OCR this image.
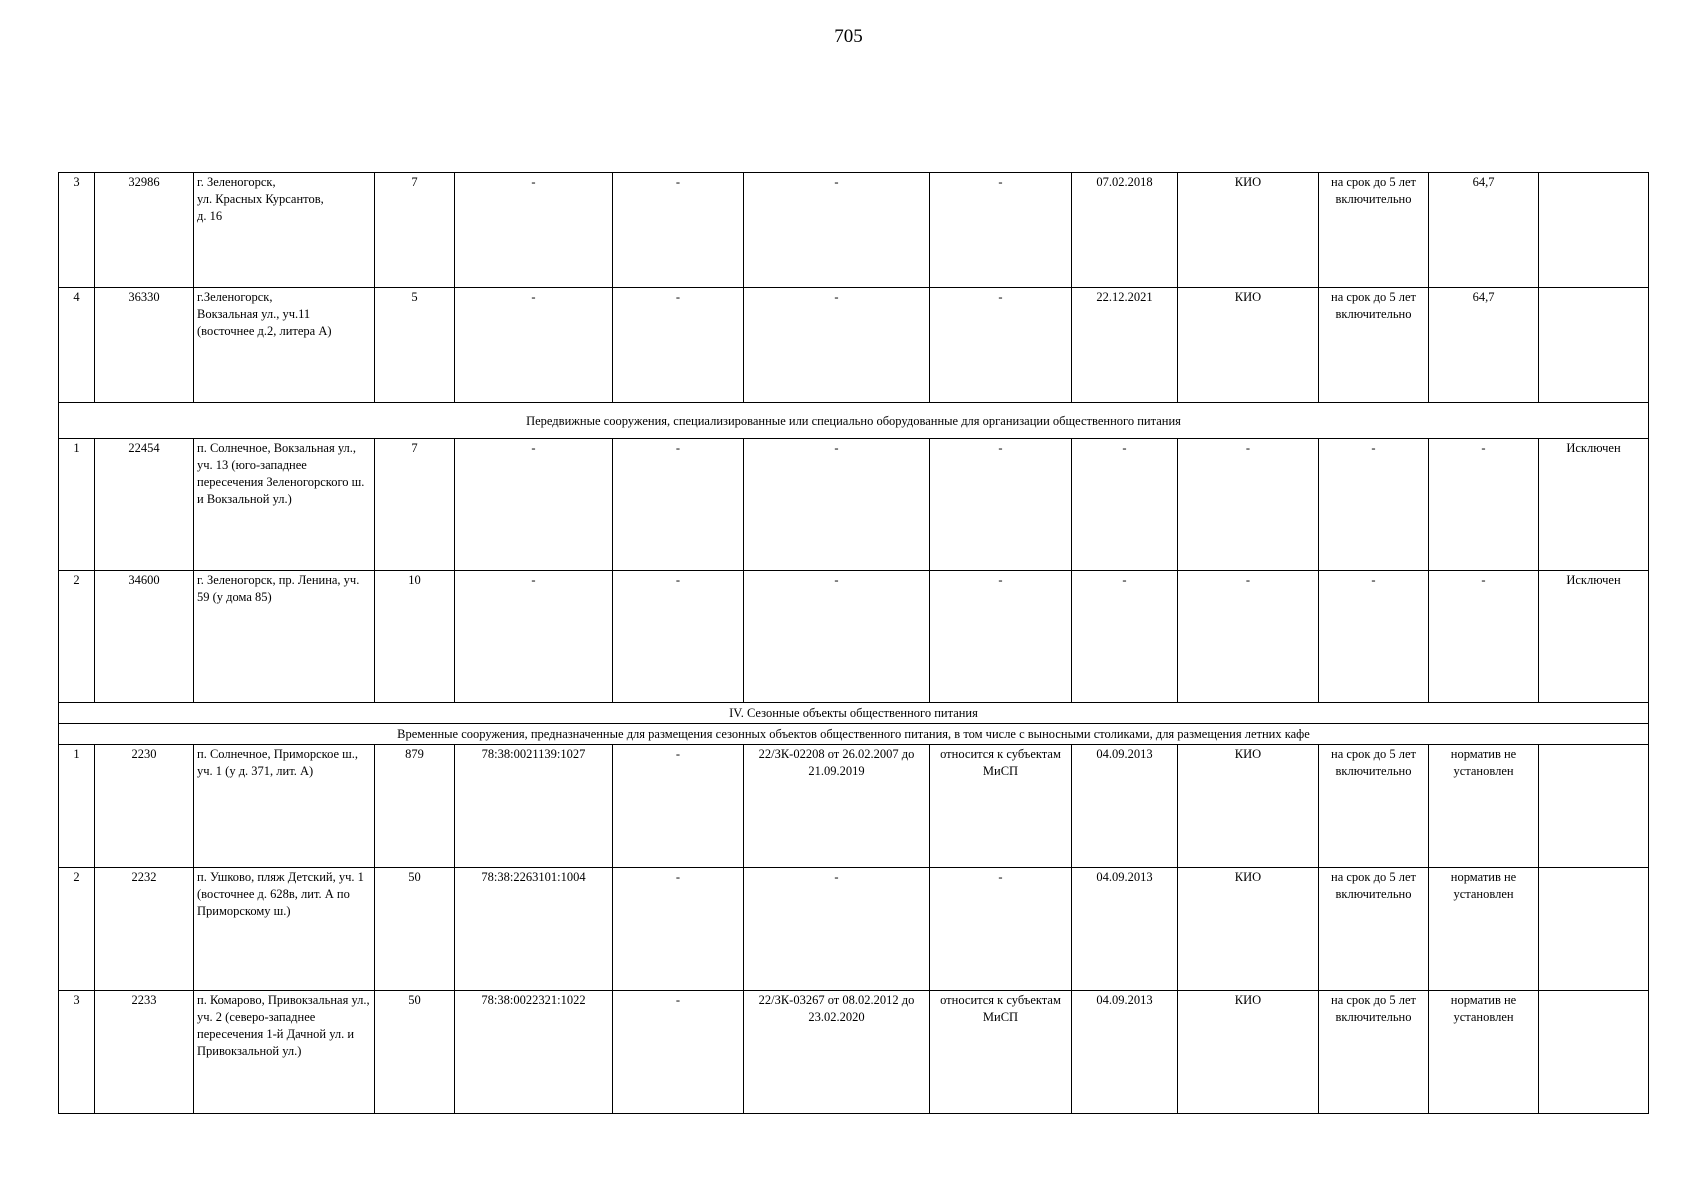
705
3	32986	г. Зеленогорск,
ул. Красных Курсантов,
д. 16	7	-	-	-	-	07.02.2018	КИО	на срок до 5 лет включительно	64,7	
4	36330	г.Зеленогорск,
Вокзальная ул., уч.11
(восточнее д.2, литера А)	5	-	-	-	-	22.12.2021	КИО	на срок до 5 лет включительно	64,7	
Передвижные сооружения, специализированные или специально оборудованные для организации общественного питания												
1	22454	п. Солнечное, Вокзальная ул., уч. 13 (юго-западнее пересечения Зеленогорского ш. и Вокзальной ул.)	7	-	-	-	-	-	-	-	-	Исключен
2	34600	г. Зеленогорск, пр. Ленина, уч. 59 (у дома 85)	10	-	-	-	-	-	-	-	-	Исключен
IV. Сезонные объекты общественного питания												
Временные сооружения, предназначенные для размещения сезонных объектов общественного питания, в том числе с выносными столиками, для размещения летних кафе												
1	2230	п. Солнечное, Приморское ш., уч. 1 (у д. 371, лит. А)	879	78:38:0021139:1027	-	22/ЗК-02208 от 26.02.2007 до 21.09.2019	относится к субъектам МиСП	04.09.2013	КИО	на срок до 5 лет включительно	норматив не установлен	
2	2232	п. Ушково, пляж Детский, уч. 1 (восточнее д. 628в, лит. А по Приморскому ш.)	50	78:38:2263101:1004	-	-	-	04.09.2013	КИО	на срок до 5 лет включительно	норматив не установлен	
3	2233	п. Комарово, Привокзальная ул., уч. 2 (северо-западнее пересечения 1-й Дачной ул. и Привокзальной ул.)	50	78:38:0022321:1022	-	22/ЗК-03267 от 08.02.2012 до 23.02.2020	относится к субъектам МиСП	04.09.2013	КИО	на срок до 5 лет включительно	норматив не установлен	
